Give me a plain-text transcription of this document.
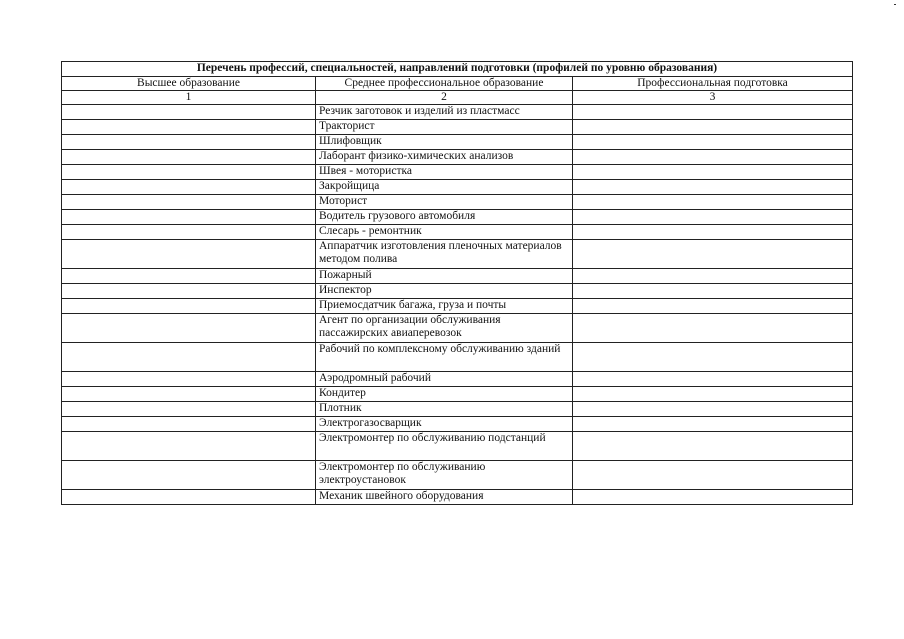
Перечень профессий, специальностей, направлений подготовки (профилей по уровню образования)		
Высшее образование	Среднее профессиональное образование	Профессиональная подготовка
1	2	3
	Резчик заготовок и изделий из пластмасс	
	Тракторист	
	Шлифовщик	
	Лаборант физико-химических анализов	
	Швея - мотористка	
	Закройщица	
	Моторист	
	Водитель грузового автомобиля	
	Слесарь - ремонтник	
	Аппаратчик изготовления пленочных материалов методом полива	
	Пожарный	
	Инспектор	
	Приемосдатчик багажа, груза и почты	
	Агент по организации обслуживания пассажирских авиаперевозок	
	Рабочий по комплексному обслуживанию зданий	
	Аэродромный рабочий	
	Кондитер	
	Плотник	
	Электрогазосварщик	
	Электромонтер по обслуживанию подстанций	
	Электромонтер по обслуживанию электроустановок	
	Механик швейного оборудования	
